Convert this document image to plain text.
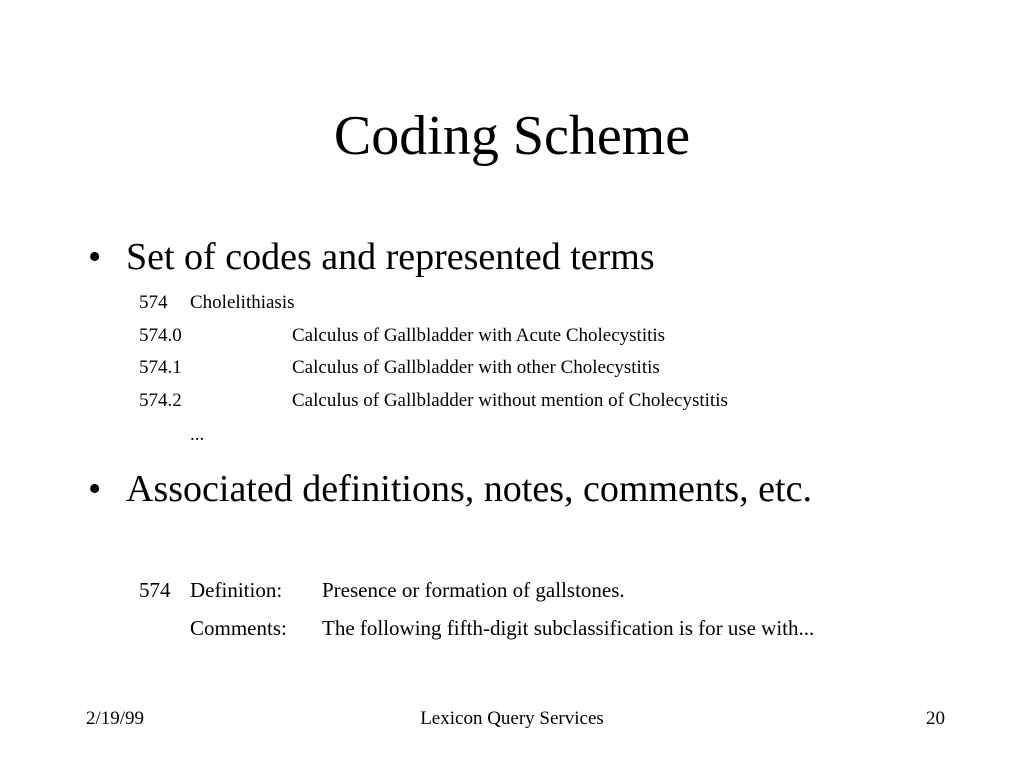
Coding Scheme
• Set of codes and represented terms
574 Cholelithiasis
574.0	Calculus of Gallbladder with Acute Cholecystitis
574.1	Calculus of Gallbladder with other Cholecystitis
574.2	Calculus of Gallbladder without mention of Cholecystitis
...
• Associated definitions, notes, comments, etc.
574 Definition: Presence or formation of gallstones.
Comments: The following fifth-digit subclassification is for use with...
2/19/99	Lexicon Query Services	20
